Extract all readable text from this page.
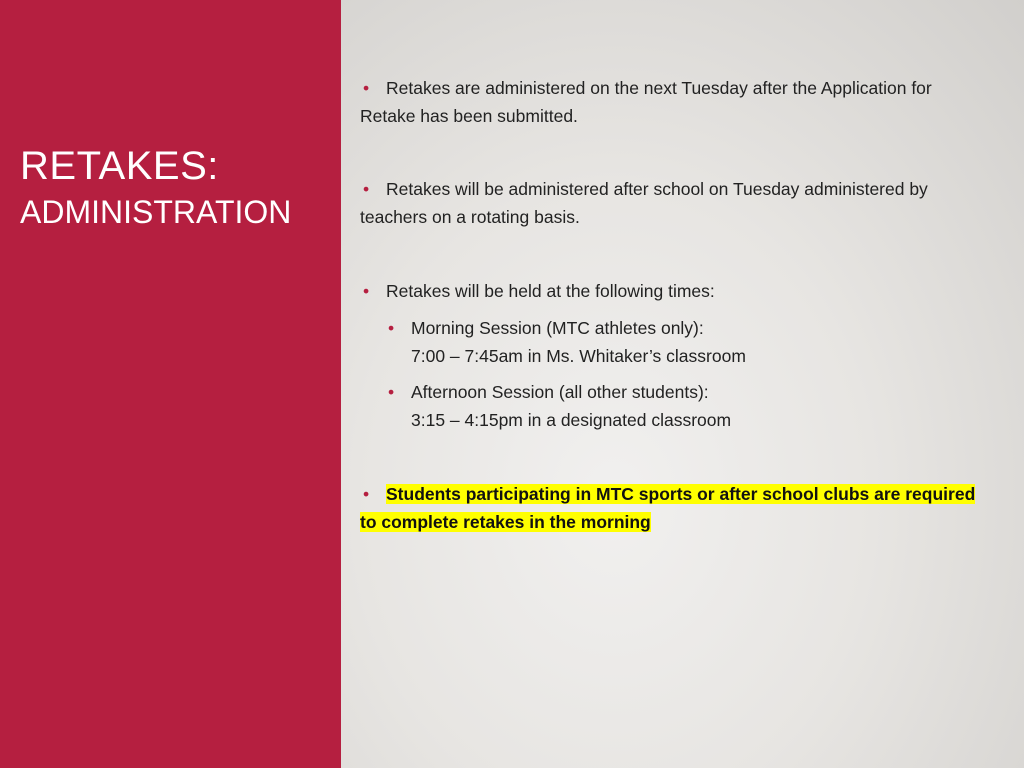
RETAKES:
ADMINISTRATION
• Retakes are administered on the next Tuesday after the Application for Retake has been submitted.
• Retakes will be administered after school on Tuesday administered by teachers on a rotating basis.
• Retakes will be held at the following times:
• Morning Session (MTC athletes only):
7:00 – 7:45am in Ms. Whitaker’s classroom
• Afternoon Session (all other students):
3:15 – 4:15pm in a designated classroom
• Students participating in MTC sports or after school clubs are required to complete retakes in the morning
